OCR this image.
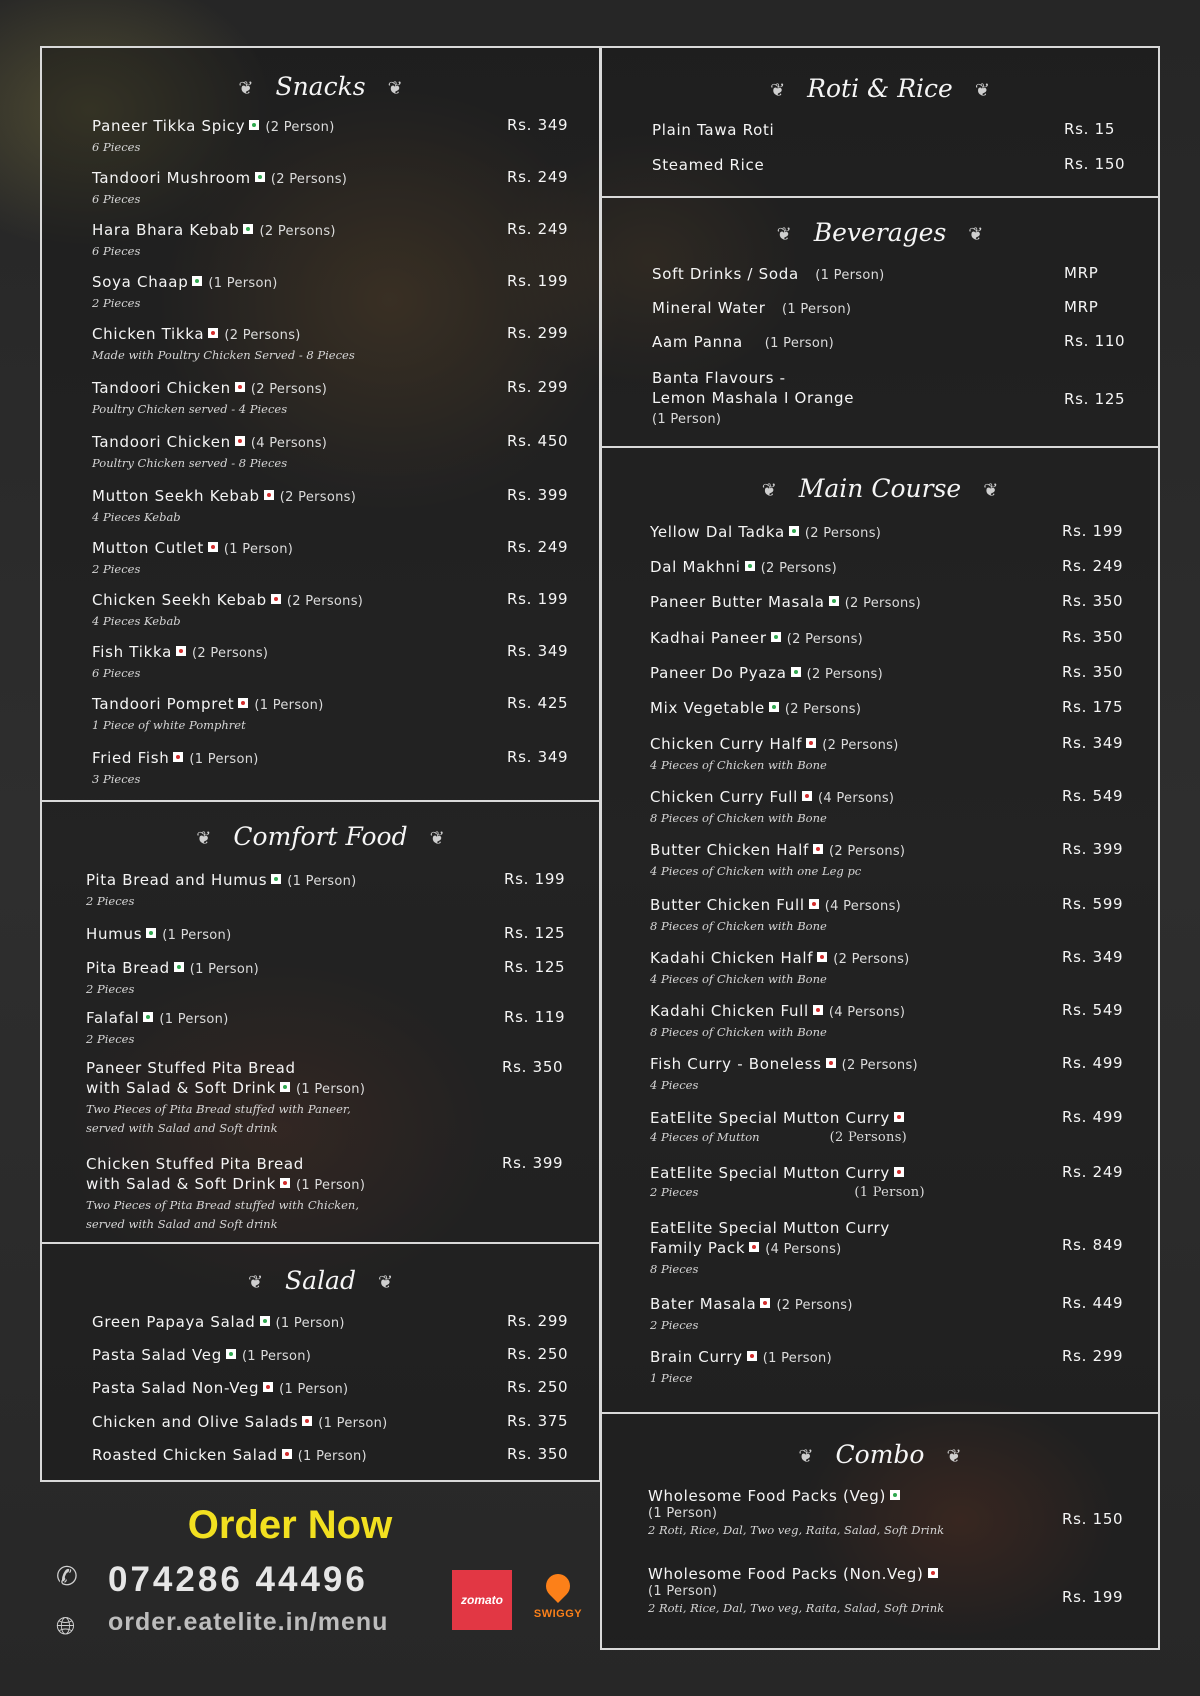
❦ Snacks ❦
Paneer Tikka Spicy (2 Person)
6 Pieces
Rs. 349
Tandoori Mushroom (2 Persons)
6 Pieces
Rs. 249
Hara Bhara Kebab (2 Persons)
6 Pieces
Rs. 249
Soya Chaap (1 Person)
2 Pieces
Rs. 199
Chicken Tikka (2 Persons)
Made with Poultry Chicken Served - 8 Pieces
Rs. 299
Tandoori Chicken (2 Persons)
Poultry Chicken served - 4 Pieces
Rs. 299
Tandoori Chicken (4 Persons)
Poultry Chicken served - 8 Pieces
Rs. 450
Mutton Seekh Kebab (2 Persons)
4 Pieces Kebab
Rs. 399
Mutton Cutlet (1 Person)
2 Pieces
Rs. 249
Chicken Seekh Kebab (2 Persons)
4 Pieces Kebab
Rs. 199
Fish Tikka (2 Persons)
6 Pieces
Rs. 349
Tandoori Pompret (1 Person)
1 Piece of white Pomphret
Rs. 425
Fried Fish (1 Person)
3 Pieces
Rs. 349
❦ Comfort Food ❦
Pita Bread and Humus (1 Person)
2 Pieces
Rs. 199
Humus (1 Person)	Rs. 125
Pita Bread (1 Person)
2 Pieces
Rs. 125
Falafal (1 Person)
2 Pieces
Rs. 119
Paneer Stuffed Pita Bread
with Salad & Soft Drink (1 Person)
Two Pieces of Pita Bread stuffed with Paneer,
served with Salad and Soft drink
Rs. 350
Chicken Stuffed Pita Bread
with Salad & Soft Drink (1 Person)
Two Pieces of Pita Bread stuffed with Chicken,
served with Salad and Soft drink
Rs. 399
❦ Salad ❦
Green Papaya Salad (1 Person)	Rs. 299
Pasta Salad Veg (1 Person)	Rs. 250
Pasta Salad Non-Veg (1 Person)	Rs. 250
Chicken and Olive Salads (1 Person)	Rs. 375
Roasted Chicken Salad (1 Person)	Rs. 350
❦ Roti & Rice ❦
Plain Tawa Roti	Rs. 15
Steamed Rice	Rs. 150
❦ Beverages ❦
Soft Drinks / Soda (1 Person)	MRP
Mineral Water (1 Person)	MRP
Aam Panna (1 Person)	Rs. 110
Banta Flavours -
Lemon Mashala I Orange
(1 Person)
Rs. 125
❦ Main Course ❦
Yellow Dal Tadka (2 Persons)	Rs. 199
Dal Makhni (2 Persons)	Rs. 249
Paneer Butter Masala (2 Persons)	Rs. 350
Kadhai Paneer (2 Persons)	Rs. 350
Paneer Do Pyaza (2 Persons)	Rs. 350
Mix Vegetable (2 Persons)	Rs. 175
Chicken Curry Half (2 Persons)
4 Pieces of Chicken with Bone
Rs. 349
Chicken Curry Full (4 Persons)
8 Pieces of Chicken with Bone
Rs. 549
Butter Chicken Half (2 Persons)
4 Pieces of Chicken with one Leg pc
Rs. 399
Butter Chicken Full (4 Persons)
8 Pieces of Chicken with Bone
Rs. 599
Kadahi Chicken Half (2 Persons)
4 Pieces of Chicken with Bone
Rs. 349
Kadahi Chicken Full (4 Persons)
8 Pieces of Chicken with Bone
Rs. 549
Fish Curry - Boneless (2 Persons)
4 Pieces
Rs. 499
EatElite Special Mutton Curry
4 Pieces of Mutton	(2 Persons)
Rs. 499
EatElite Special Mutton Curry
2 Pieces	(1 Person)
Rs. 249
EatElite Special Mutton Curry
Family Pack (4 Persons)
8 Pieces
Rs. 849
Bater Masala (2 Persons)
2 Pieces
Rs. 449
Brain Curry (1 Person)
1 Piece
Rs. 299
❦ Combo ❦
Wholesome Food Packs (Veg)
(1 Person)
2 Roti, Rice, Dal, Two veg, Raita, Salad, Soft Drink
Rs. 150
Wholesome Food Packs (Non.Veg)
(1 Person)
2 Roti, Rice, Dal, Two veg, Raita, Salad, Soft Drink
Rs. 199
Order Now
✆ 074286 44496
🌐︎ order.eatelite.in/menu
zomato
SWIGGY
